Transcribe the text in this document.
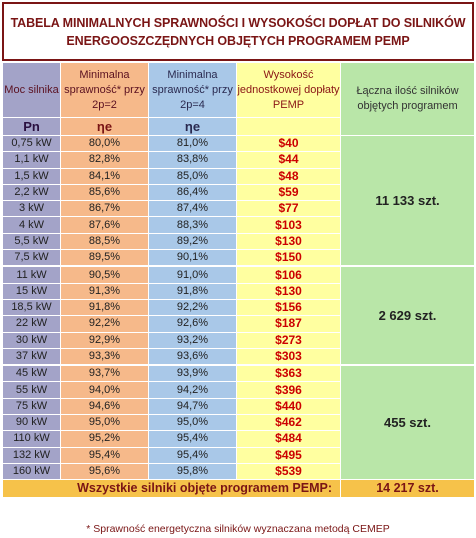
TABELA MINIMALNYCH SPRAWNOŚCI I WYSOKOŚCI DOPŁAT DO SILNIKÓW
ENERGOOSZCZĘDNYCH OBJĘTYCH PROGRAMEM PEMP
Moc silnika	Minimalna sprawność* przy 2p=2	Minimalna sprawność* przy 2p=4	Wysokość jednostkowej dopłaty PEMP	Łączna ilość silników objętych programem
Pn	ηe	ηe		
0,75 kW	80,0%	81,0%	$40	11 133 szt.
1,1 kW	82,8%	83,8%	$44	
1,5 kW	84,1%	85,0%	$48	
2,2 kW	85,6%	86,4%	$59	
3 kW	86,7%	87,4%	$77	
4 kW	87,6%	88,3%	$103	
5,5 kW	88,5%	89,2%	$130	
7,5 kW	89,5%	90,1%	$150	
11 kW	90,5%	91,0%	$106	2 629 szt.
15 kW	91,3%	91,8%	$130	
18,5 kW	91,8%	92,2%	$156	
22 kW	92,2%	92,6%	$187	
30 kW	92,9%	93,2%	$273	
37 kW	93,3%	93,6%	$303	
45 kW	93,7%	93,9%	$363	455 szt.
55 kW	94,0%	94,2%	$396	
75 kW	94,6%	94,7%	$440	
90 kW	95,0%	95,0%	$462	
110 kW	95,2%	95,4%	$484	
132 kW	95,4%	95,4%	$495	
160 kW	95,6%	95,8%	$539	
Wszystkie silniki objęte programem PEMP:				14 217 szt.
* Sprawność energetyczna silników wyznaczana metodą CEMEP
